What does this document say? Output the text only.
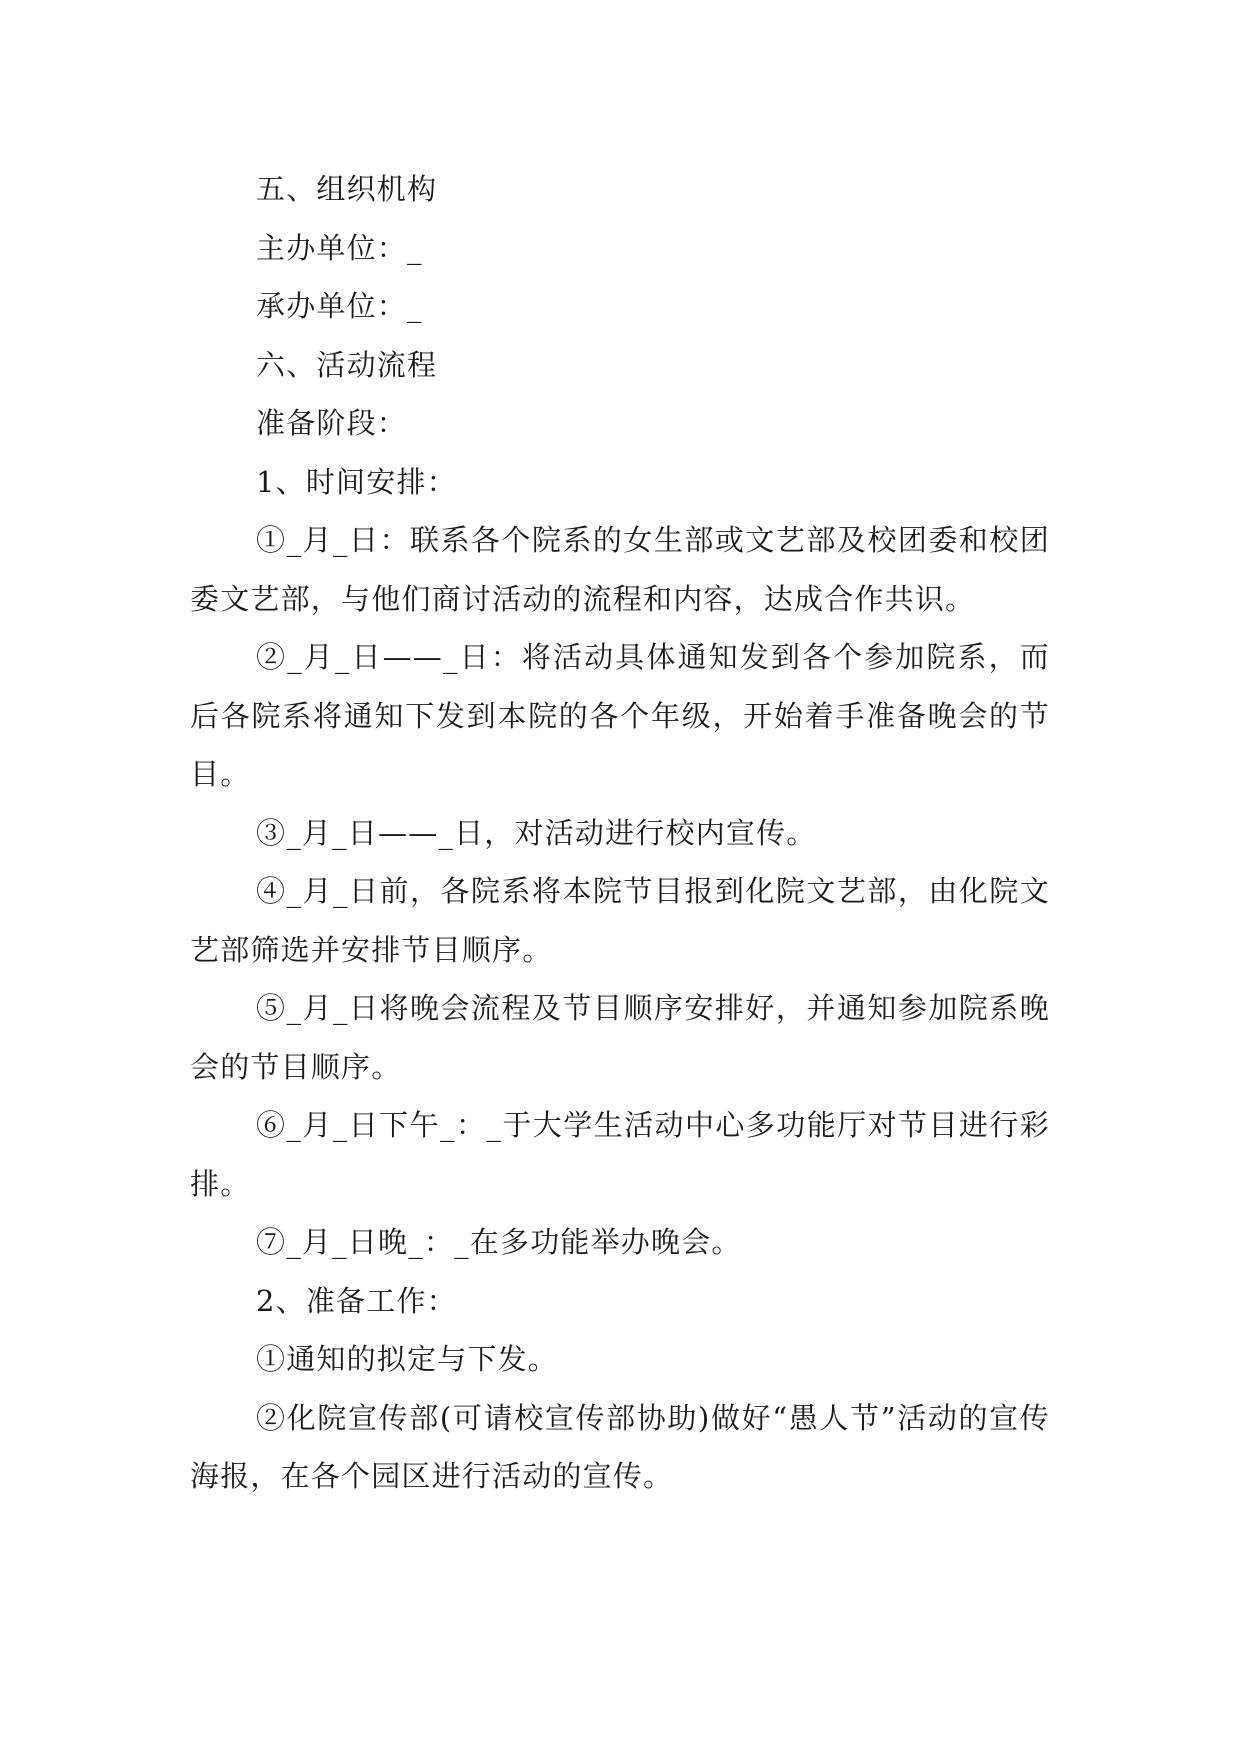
五、组织机构

主办单位：_

承办单位：_

六、活动流程

准备阶段：

1、时间安排：

①_月_日：联系各个院系的女生部或文艺部及校团委和校团委文艺部，与他们商讨活动的流程和内容，达成合作共识。

②_月_日——_日：将活动具体通知发到各个参加院系，而后各院系将通知下发到本院的各个年级，开始着手准备晚会的节目。

③_月_日——_日，对活动进行校内宣传。

④_月_日前，各院系将本院节目报到化院文艺部，由化院文艺部筛选并安排节目顺序。

⑤_月_日将晚会流程及节目顺序安排好，并通知参加院系晚会的节目顺序。

⑥_月_日下午_：_于大学生活动中心多功能厅对节目进行彩排。

⑦_月_日晚_：_在多功能举办晚会。

2、准备工作：

①通知的拟定与下发。

②化院宣传部(可请校宣传部协助)做好“愚人节”活动的宣传海报，在各个园区进行活动的宣传。
